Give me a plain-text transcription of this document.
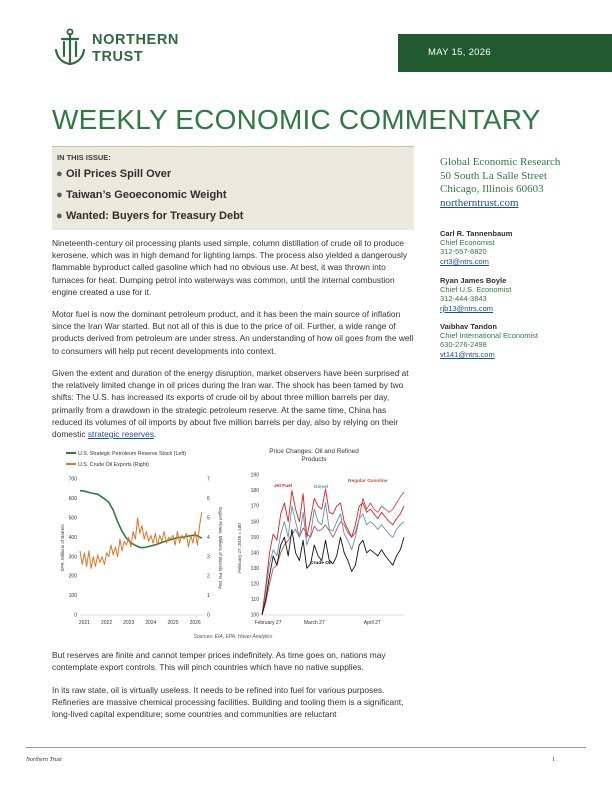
NORTHERN
TRUST	MAY 15, 2026
WEEKLY ECONOMIC COMMENTARY
IN THIS ISSUE:
● Oil Prices Spill Over
● Taiwan’s Geoeconomic Weight
● Wanted: Buyers for Treasury Debt
Global Economic Research
50 South La Salle Street
Chicago, Illinois 60603
northerntrust.com
Carl R. Tannenbaum
Chief Economist
312-557-8820
crt3@ntrs.com
Ryan James Boyle
Chief U.S. Economist
312-444-3843
rjb13@ntrs.com
Vaibhav Tandon
Chief International Economist
630-276-2498
vt141@ntrs.com
Nineteenth-century oil processing plants used simple, column distillation of crude oil to produce kerosene, which was in high demand for lighting lamps. The process also yielded a dangerously flammable byproduct called gasoline which had no obvious use. At best, it was thrown into furnaces for heat. Dumping petrol into waterways was common, until the internal combustion engine created a use for it.
Motor fuel is now the dominant petroleum product, and it has been the main source of inflation since the Iran War started. But not all of this is due to the price of oil. Further, a wide range of products derived from petroleum are under stress. An understanding of how oil goes from the well to consumers will help put recent developments into context.
Given the extent and duration of the energy disruption, market observers have been surprised at the relatively limited change in oil prices during the Iran war. The shock has been tamed by two shifts: The U.S. has increased its exports of crude oil by about three million barrels per day, primarily from a drawdown in the strategic petroleum reserve. At the same time, China has reduced its volumes of oil imports by about five million barrels per day, also by relying on their domestic strategic reserves.
U.S. Strategic Petroleum Reserve Stock (Left)
U.S. Crude Oil Exports (Right)
SPR, Millions of Barrels	Export Flows, Millions of Barrels Per Day
0
100
200
300
400
500
600
700
0
1
2
3
4
5
6
7
2021 2022 2023 2024 2025 2026
Price Changes: Oil and Refined Products
February 27, 2026 = 100
100
110
120
130
140
150
160
170
180
190
February 27	March 27	April 27
Jet Fuel	Diesel
Regular Gasoline
Crude Oil
Sources: EIA, EPA, Haver Analytics
But reserves are finite and cannot temper prices indefinitely. As time goes on, nations may contemplate export controls. This will pinch countries which have no native supplies.
In its raw state, oil is virtually useless. It needs to be refined into fuel for various purposes. Refineries are massive chemical processing facilities. Building and tooling them is a significant, long-lived capital expenditure; some countries and communities are reluctant
Northern Trust	1
